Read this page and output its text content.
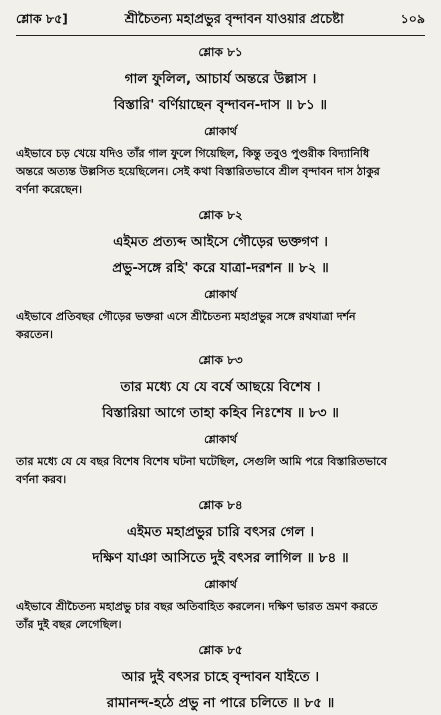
শ্লোক ৮৫]	শ্রীচৈতন্য মহাপ্রভুর বৃন্দাবন যাওয়ার প্রচেষ্টা	১০৯
শ্লোক ৮১
গাল ফুলিল, আচার্য অন্তরে উল্লাস ।
বিস্তারি' বর্ণিয়াছেন বৃন্দাবন-দাস ॥ ৮১ ॥
শ্লোকার্থ

এইভাবে চড় খেয়ে যদিও তাঁর গাল ফুলে গিয়েছিল, কিন্তু তবুও পুণ্ডরীক বিদ্যানিধি
অন্তরে অত্যন্ত উল্লসিত হয়েছিলেন। সেই কথা বিস্তারিতভাবে শ্রীল বৃন্দাবন দাস ঠাকুর
বর্ণনা করেছেন।

শ্লোক ৮২
এইমত প্রত্যব্দ আইসে গৌড়ের ভক্তগণ ।
প্রভু-সঙ্গে রহি' করে যাত্রা-দরশন ॥ ৮২ ॥
শ্লোকার্থ

এইভাবে প্রতিবছর গৌড়ের ভক্তরা এসে শ্রীচৈতন্য মহাপ্রভুর সঙ্গে রথযাত্রা দর্শন
করতেন।

শ্লোক ৮৩
তার মধ্যে যে যে বর্ষে আছয়ে বিশেষ ।
বিস্তারিয়া আগে তাহা কহিব নিঃশেষ ॥ ৮৩ ॥
শ্লোকার্থ

তার মধ্যে যে যে বছর বিশেষ বিশেষ ঘটনা ঘটেছিল, সেগুলি আমি পরে বিস্তারিতভাবে
বর্ণনা করব।

শ্লোক ৮৪
এইমত মহাপ্রভুর চারি বৎসর গেল ।
দক্ষিণ যাঞা আসিতে দুই বৎসর লাগিল ॥ ৮৪ ॥
শ্লোকার্থ

এইভাবে শ্রীচৈতন্য মহাপ্রভু চার বছর অতিবাহিত করলেন। দক্ষিণ ভারত ভ্রমণ করতে
তাঁর দুই বছর লেগেছিল।

শ্লোক ৮৫
আর দুই বৎসর চাহে বৃন্দাবন যাইতে ।
রামানন্দ-হঠে প্রভু না পারে চলিতে ॥ ৮৫ ॥
